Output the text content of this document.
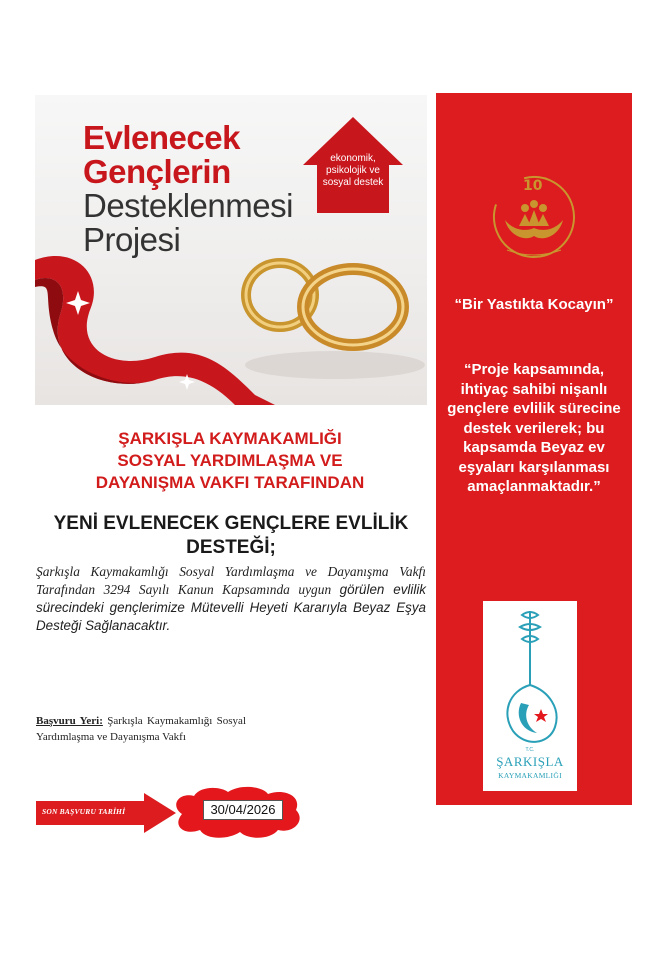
Evlenecek
Gençlerin
Desteklenmesi
Projesi
ekonomik, psikolojik ve sosyal destek
ŞARKIŞLA KAYMAKAMLIĞI
SOSYAL YARDIMLAŞMA VE
DAYANIŞMA VAKFI TARAFINDAN
YENİ EVLENECEK GENÇLERE EVLİLİK
DESTEĞİ;
Şarkışla Kaymakamlığı Sosyal Yardımlaşma ve Dayanışma Vakfı Tarafından 3294 Sayılı Kanun Kapsamında uygun görülen evlilik sürecindeki gençlerimize Mütevelli Heyeti Kararıyla Beyaz Eşya Desteği Sağlanacaktır.
Başvuru Yeri: Şarkışla Kaymakamlığı Sosyal Yardımlaşma ve Dayanışma Vakfı
SON BAŞVURU TARİHİ	30/04/2026
10
“Bir Yastıkta Kocayın”
“Proje kapsamında, ihtiyaç sahibi nişanlı gençlere evlilik sürecine destek verilerek; bu kapsamda Beyaz ev eşyaları karşılanması amaçlanmaktadır.”
T.C.
ŞARKIŞLA
KAYMAKAMLIĞI
